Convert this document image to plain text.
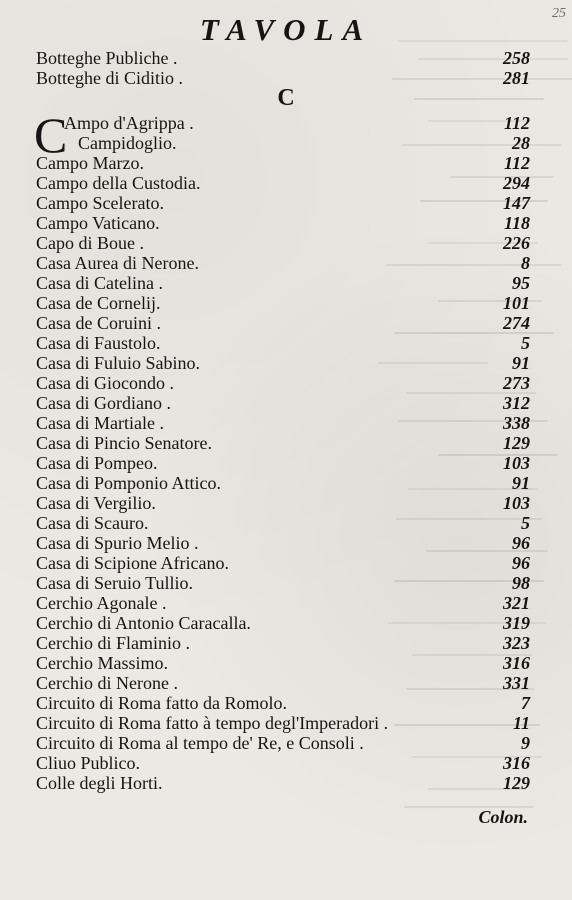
25
TAVOLA
Botteghe Publiche .	258
Botteghe di Ciditio .	281
C
C
Ampo d'Agrippa .	112
Campidoglio.	28
Campo Marzo.	112
Campo della Custodia.	294
Campo Scelerato.	147
Campo Vaticano.	118
Capo di Boue .	226
Casa Aurea di Nerone.	8
Casa di Catelina .	95
Casa de Cornelij.	101
Casa de Coruini .	274
Casa di Faustolo.	5
Casa di Fuluio Sabino.	91
Casa di Giocondo .	273
Casa di Gordiano .	312
Casa di Martiale .	338
Casa di Pincio Senatore.	129
Casa di Pompeo.	103
Casa di Pomponio Attico.	91
Casa di Vergilio.	103
Casa di Scauro.	5
Casa di Spurio Melio .	96
Casa di Scipione Africano.	96
Casa di Seruio Tullio.	98
Cerchio Agonale .	321
Cerchio di Antonio Caracalla.	319
Cerchio di Flaminio .	323
Cerchio Massimo.	316
Cerchio di Nerone .	331
Circuito di Roma fatto da Romolo.	7
Circuito di Roma fatto à tempo degl'Imperadori .	11
Circuito di Roma al tempo de' Re, e Consoli .	9
Cliuo Publico.	316
Colle degli Horti.	129
Colon.
